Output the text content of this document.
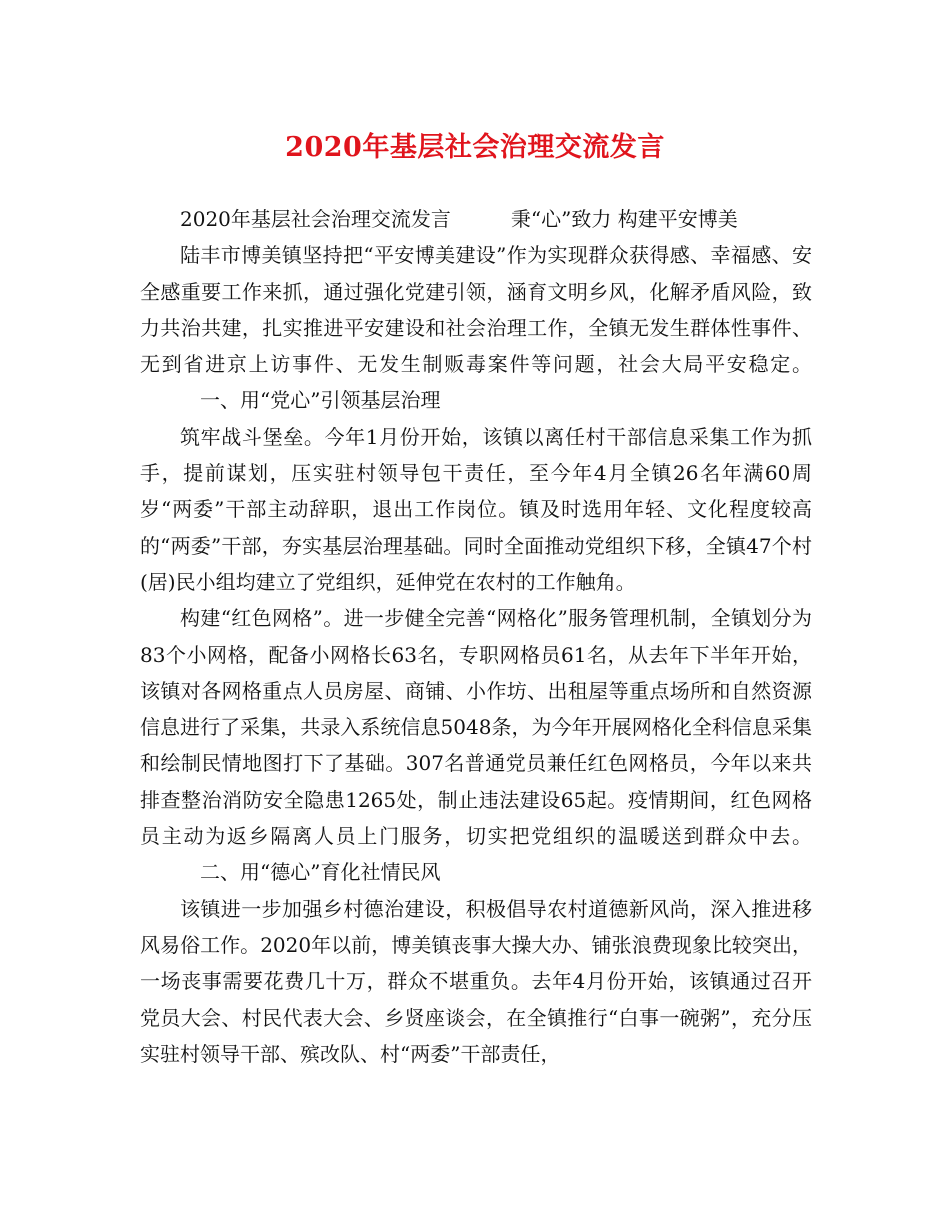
2020年基层社会治理交流发言

2020年基层社会治理交流发言	秉“心”致力 构建平安博美

陆丰市博美镇坚持把“平安博美建设”作为实现群众获得感、幸福感、安全感重要工作来抓，通过强化党建引领，涵育文明乡风，化解矛盾风险，致力共治共建，扎实推进平安建设和社会治理工作，全镇无发生群体性事件、无到省进京上访事件、无发生制贩毒案件等问题，社会大局平安稳定。一、用“党心”引领基层治理

筑牢战斗堡垒。今年1月份开始，该镇以离任村干部信息采集工作为抓手，提前谋划，压实驻村领导包干责任，至今年4月全镇26名年满60周岁“两委”干部主动辞职，退出工作岗位。镇及时选用年轻、文化程度较高的“两委”干部，夯实基层治理基础。同时全面推动党组织下移，全镇47个村(居)民小组均建立了党组织，延伸党在农村的工作触角。

构建“红色网格”。进一步健全完善“网格化”服务管理机制，全镇划分为83个小网格，配备小网格长63名，专职网格员61名，从去年下半年开始，该镇对各网格重点人员房屋、商铺、小作坊、出租屋等重点场所和自然资源信息进行了采集，共录入系统信息5048条，为今年开展网格化全科信息采集和绘制民情地图打下了基础。307名普通党员兼任红色网格员，今年以来共排查整治消防安全隐患1265处，制止违法建设65起。疫情期间，红色网格员主动为返乡隔离人员上门服务，切实把党组织的温暖送到群众中去。二、用“德心”育化社情民风

该镇进一步加强乡村德治建设，积极倡导农村道德新风尚，深入推进移风易俗工作。2020年以前，博美镇丧事大操大办、铺张浪费现象比较突出，一场丧事需要花费几十万，群众不堪重负。去年4月份开始，该镇通过召开党员大会、村民代表大会、乡贤座谈会，在全镇推行“白事一碗粥”，充分压实驻村领导干部、殡改队、村“两委”干部责任，
